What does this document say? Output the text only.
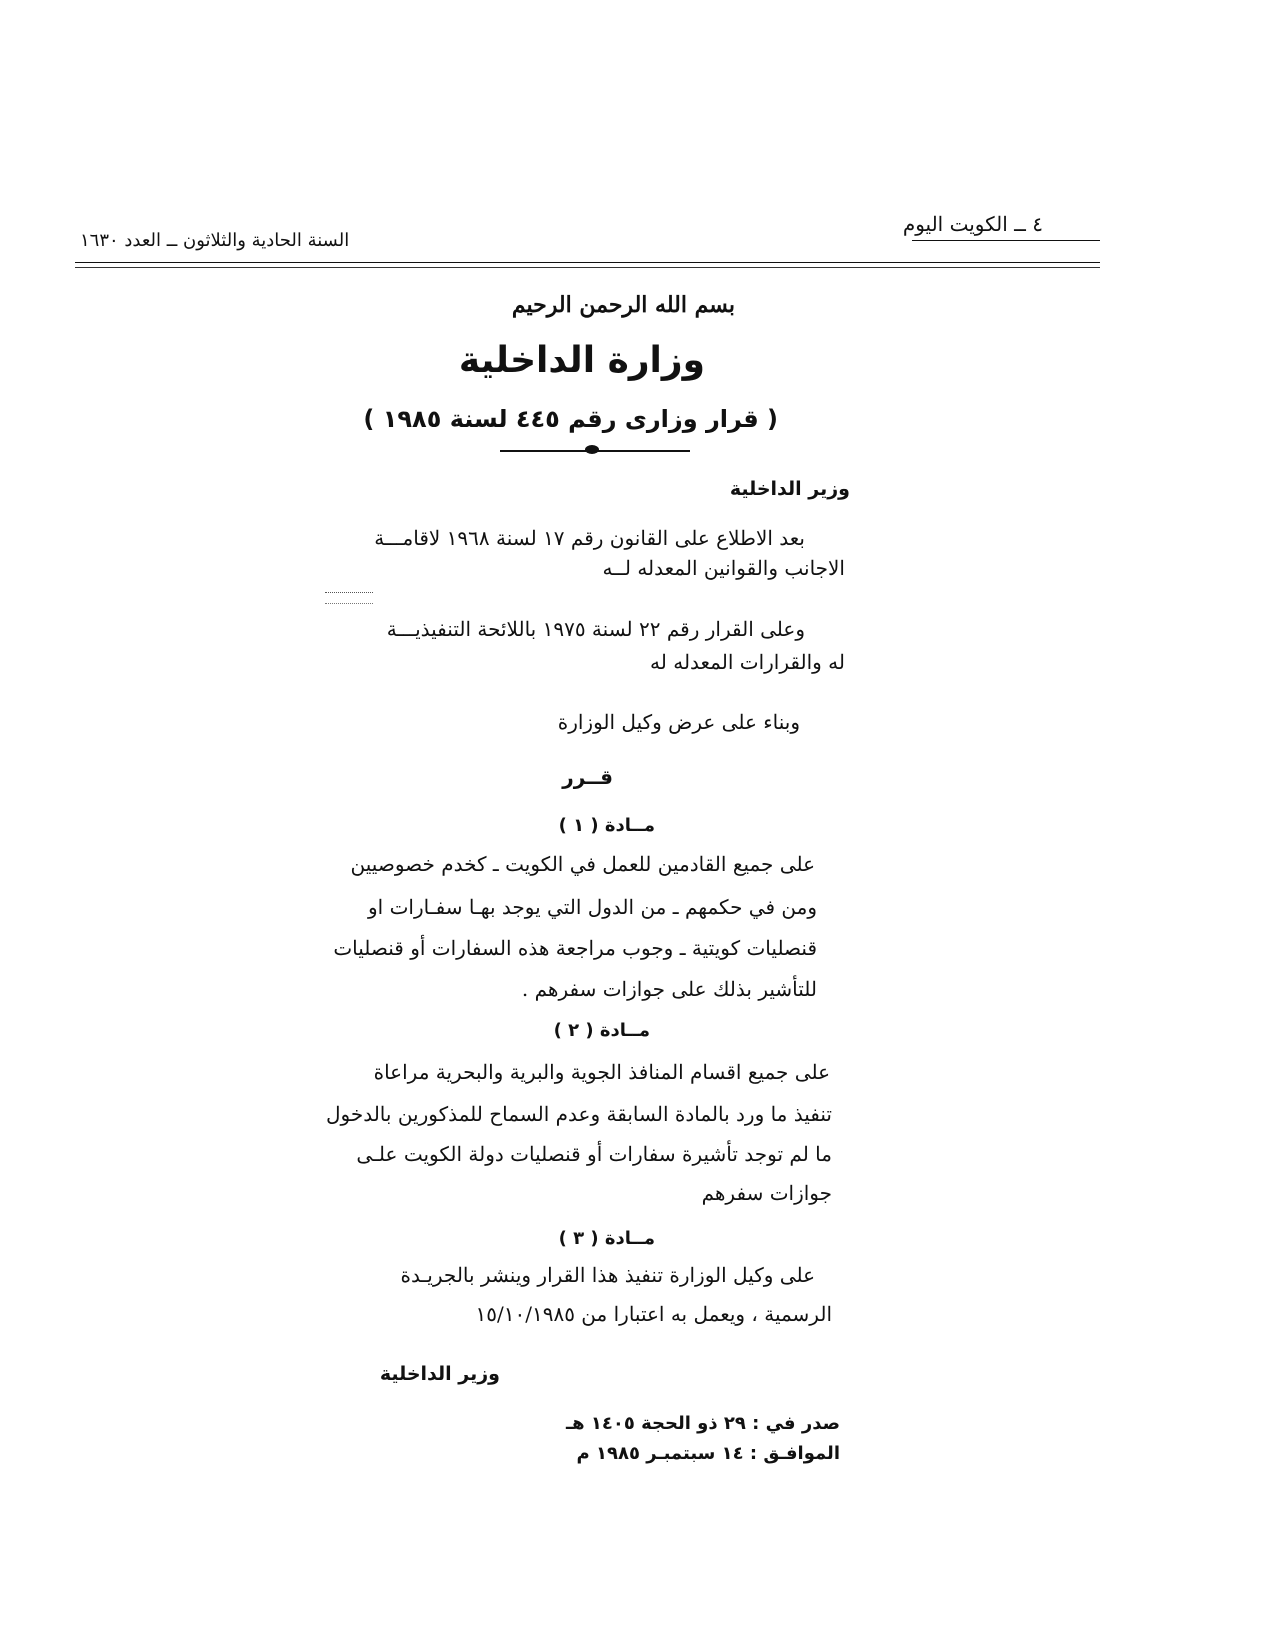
٤ ــ الكويت اليوم
السنة الحادية والثلاثون ــ العدد ١٦٣٠
بسم الله الرحمن الرحيم
وزارة الداخلية
( قرار وزارى رقم ٤٤٥ لسنة ١٩٨٥ )
وزير الداخلية
بعد الاطلاع على القانون رقم ١٧ لسنة ١٩٦٨ لاقامـــة
الاجانب والقوانين المعدله لــه
وعلى القرار رقم ٢٢ لسنة ١٩٧٥ باللائحة التنفيذيـــة
له والقرارات المعدله له
وبناء على عرض وكيل الوزارة
قــرر
مــادة ( ١ )
على جميع القادمين للعمل في الكويت ـ كخدم خصوصيين
ومن في حكمهم ـ من الدول التي يوجد بهـا سفـارات او
قنصليات كويتية ـ وجوب مراجعة هذه السفارات أو قنصليات
للتأشير بذلك على جوازات سفرهم .
مــادة ( ٢ )
على جميع اقسام المنافذ الجوية والبرية والبحرية مراعاة
تنفيذ ما ورد بالمادة السابقة وعدم السماح للمذكورين بالدخول
ما لم توجد تأشيرة سفارات أو قنصليات دولة الكويت علـى
جوازات سفرهم
مــادة ( ٣ )
على وكيل الوزارة تنفيذ هذا القرار وينشر بالجريـدة
الرسمية ، ويعمل به اعتبارا من ١٥/١٠/١٩٨٥
وزير الداخلية
صدر في : ٢٩ ذو الحجة ١٤٠٥ هـ
الموافـق : ١٤ سبتمبـر ١٩٨٥ م
